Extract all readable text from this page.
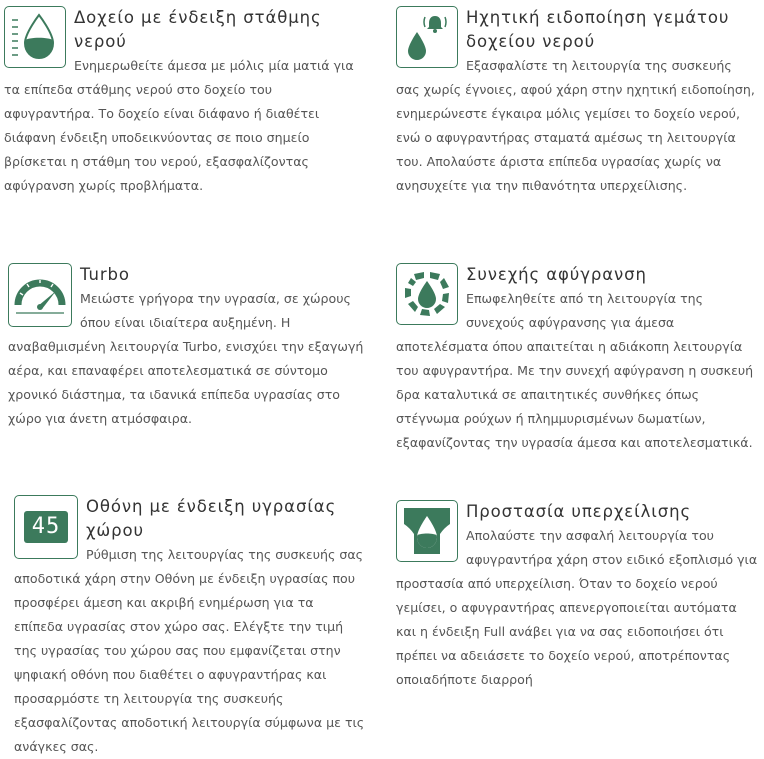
Δοχείο με ένδειξη στάθμης νερού

Ενημερωθείτε άμεσα με μόλις μία ματιά για τα επίπεδα στάθμης νερού στο δοχείο του αφυγραντήρα. Το δοχείο είναι διάφανο ή διαθέτει διάφανη ένδειξη υποδεικνύοντας σε ποιο σημείο βρίσκεται η στάθμη του νερού, εξασφαλίζοντας αφύγρανση χωρίς προβλήματα.

Ηχητική ειδοποίηση γεμάτου δοχείου νερού

Εξασφαλίστε τη λειτουργία της συσκευής σας χωρίς έγνοιες, αφού χάρη στην ηχητική ειδοποίηση, ενημερώνεστε έγκαιρα μόλις γεμίσει το δοχείο νερού, ενώ ο αφυγραντήρας σταματά αμέσως τη λειτουργία του. Απολαύστε άριστα επίπεδα υγρασίας χωρίς να ανησυχείτε για την πιθανότητα υπερχείλισης.

Turbo

Μειώστε γρήγορα την υγρασία, σε χώρους όπου είναι ιδιαίτερα αυξημένη. Η αναβαθμισμένη λειτουργία Turbo, ενισχύει την εξαγωγή αέρα, και επαναφέρει αποτελεσματικά σε σύντομο χρονικό διάστημα, τα ιδανικά επίπεδα υγρασίας στο χώρο για άνετη ατμόσφαιρα.

Συνεχής αφύγρανση

Επωφεληθείτε από τη λειτουργία της συνεχούς αφύγρανσης για άμεσα αποτελέσματα όπου απαιτείται η αδιάκοπη λειτουργία του αφυγραντήρα. Με την συνεχή αφύγρανση η συσκευή δρα καταλυτικά σε απαιτητικές συνθήκες όπως στέγνωμα ρούχων ή πλημμυρισμένων δωματίων, εξαφανίζοντας την υγρασία άμεσα και αποτελεσματικά.

45
Οθόνη με ένδειξη υγρασίας χώρου

Ρύθμιση της λειτουργίας της συσκευής σας αποδοτικά χάρη στην Οθόνη με ένδειξη υγρασίας που προσφέρει άμεση και ακριβή ενημέρωση για τα επίπεδα υγρασίας στον χώρο σας. Ελέγξτε την τιμή της υγρασίας του χώρου σας που εμφανίζεται στην ψηφιακή οθόνη που διαθέτει ο αφυγραντήρας και προσαρμόστε τη λειτουργία της συσκευής εξασφαλίζοντας αποδοτική λειτουργία σύμφωνα με τις ανάγκες σας.

Προστασία υπερχείλισης

Απολαύστε την ασφαλή λειτουργία του αφυγραντήρα χάρη στον ειδικό εξοπλισμό για προστασία από υπερχείλιση. Όταν το δοχείο νερού γεμίσει, ο αφυγραντήρας απενεργοποιείται αυτόματα και η ένδειξη Full ανάβει για να σας ειδοποιήσει ότι πρέπει να αδειάσετε το δοχείο νερού, αποτρέποντας οποιαδήποτε διαρροή
